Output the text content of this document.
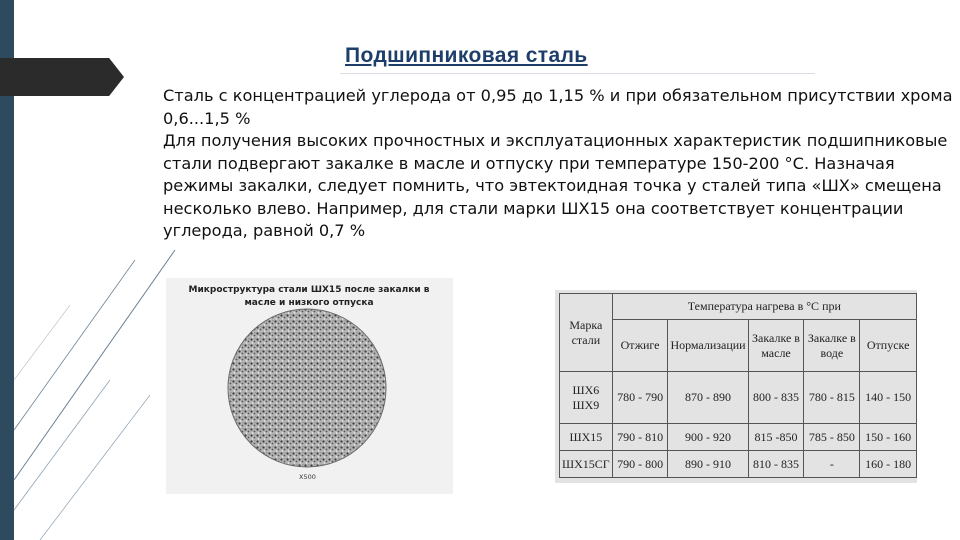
Подшипниковая сталь

Сталь с концентрацией углерода от 0,95 до 1,15 % и при обязательном присутствии хрома 0,6...1,5 %

Для получения высоких прочностных и эксплуатационных характеристик подшипниковые стали подвергают закалке в масле и отпуску при температуре 150-200 °С. Назначая режимы закалки, следует помнить, что эвтектоидная точка у сталей типа «ШХ» смещена несколько влево. Например, для стали марки ШХ15 она соответствует концентрации углерода, равной 0,7 %

Микроструктура стали ШХ15 после закалки в масле и низкого отпуска
X500
Марка стали	Температура нагрева в °С при				
	Отжиге	Нормализации	Закалке в масле	Закалке в воде	Отпуске
ШХ6 ШХ9	780 - 790	870 - 890	800 - 835	780 - 815	140 - 150
ШХ15	790 - 810	900 - 920	815 -850	785 - 850	150 - 160
ШХ15СГ	790 - 800	890 - 910	810 - 835	-	160 - 180
